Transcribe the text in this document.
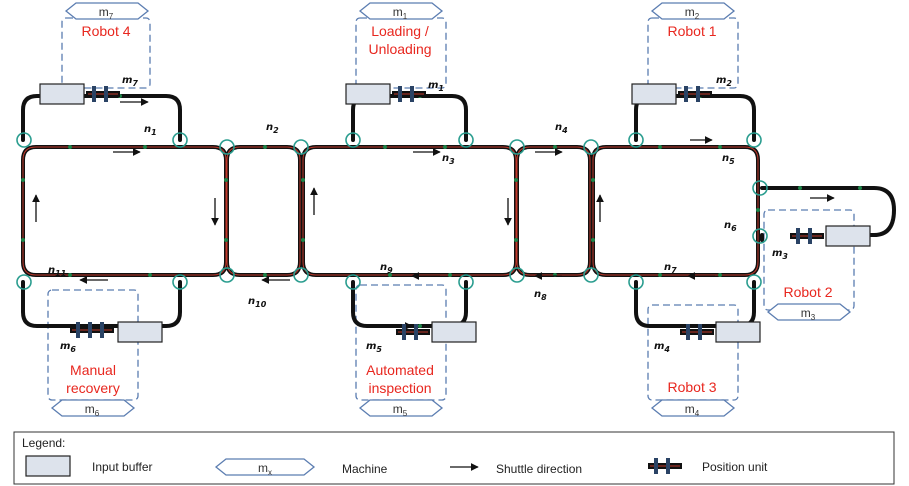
$m_7$	$m_1$	$m_2$
$m_3$
$m_4$
$m_5$
$m_6$
Robot 4	Loading /
Unloading
Robot 1
Robot 2
Robot 3
Automated
inspection
Manual
recovery
$m_7$	$m_1$
$m_2$
$m_3$
$m_4$
$m_5$
$m_6$
$n_1$	$n_2$
$n_3$
$n_4$
$n_5$
$n_6$
$n_7$
$n_8$
$n_9$
$n_{10}$
$n_{11}$
Legend:
Input buffer	$m_x$	Machine	Shuttle direction	Position unit
